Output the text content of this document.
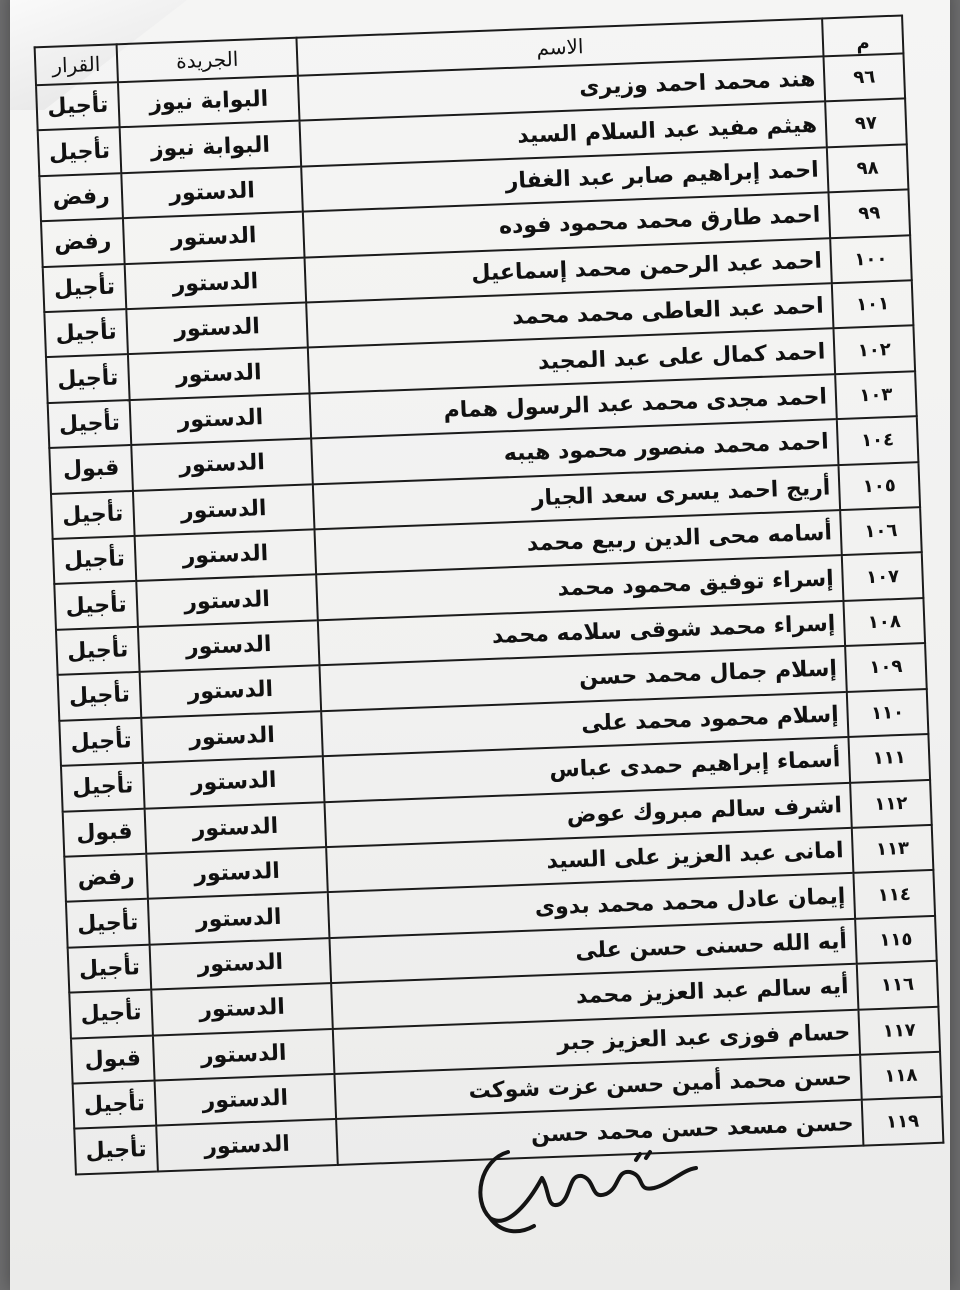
م	الاسم	الجريدة	القرار
٩٦	هند محمد احمد وزيرى	البوابة نيوز	تأجيل
٩٧	هيثم مفيد عبد السلام السيد	البوابة نيوز	تأجيل
٩٨	احمد إبراهيم صابر عبد الغفار	الدستور	رفض
٩٩	احمد طارق محمد محمود فوده	الدستور	رفض
١٠٠	احمد عبد الرحمن محمد إسماعيل	الدستور	تأجيل
١٠١	احمد عبد العاطى محمد محمد	الدستور	تأجيل
١٠٢	احمد كمال على عبد المجيد	الدستور	تأجيل
١٠٣	احمد مجدى محمد عبد الرسول همام	الدستور	تأجيل
١٠٤	احمد محمد منصور محمود هيبه	الدستور	قبول
١٠٥	أريج احمد يسرى سعد الجيار	الدستور	تأجيل
١٠٦	أسامه محى الدين ربيع محمد	الدستور	تأجيل
١٠٧	إسراء توفيق محمود محمد	الدستور	تأجيل
١٠٨	إسراء محمد شوقى سلامه محمد	الدستور	تأجيل
١٠٩	إسلام جمال محمد حسن	الدستور	تأجيل
١١٠	إسلام محمود محمد على	الدستور	تأجيل
١١١	أسماء إبراهيم حمدى عباس	الدستور	تأجيل
١١٢	اشرف سالم مبروك عوض	الدستور	قبول
١١٣	امانى عبد العزيز على السيد	الدستور	رفض
١١٤	إيمان عادل محمد محمد بدوى	الدستور	تأجيل
١١٥	أيه الله حسنى حسن على	الدستور	تأجيل
١١٦	أيه سالم عبد العزيز محمد	الدستور	تأجيل
١١٧	حسام فوزى عبد العزيز جبر	الدستور	قبول
١١٨	حسن محمد أمين حسن عزت شوكت	الدستور	تأجيل
١١٩	حسن مسعد حسن محمد حسن	الدستور	تأجيل
